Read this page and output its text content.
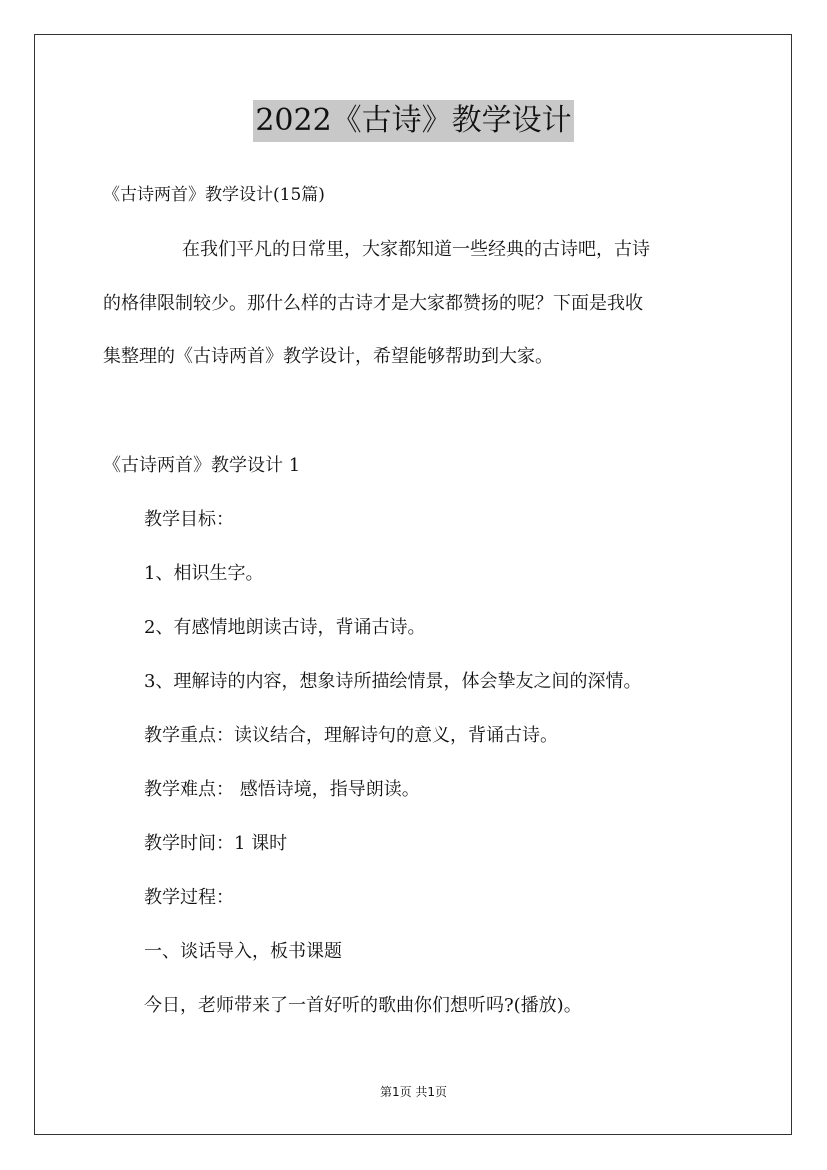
2022《古诗》教学设计
《古诗两首》教学设计(15篇)
在我们平凡的日常里，大家都知道一些经典的古诗吧，古诗
的格律限制较少。那什么样的古诗才是大家都赞扬的呢？下面是我收
集整理的《古诗两首》教学设计，希望能够帮助到大家。
《古诗两首》教学设计 1
教学目标：
1、相识生字。
2、有感情地朗读古诗，背诵古诗。
3、理解诗的内容，想象诗所描绘情景，体会挚友之间的深情。
教学重点：读议结合，理解诗句的意义，背诵古诗。
教学难点： 感悟诗境，指导朗读。
教学时间：1 课时
教学过程：
一、谈话导入，板书课题
今日，老师带来了一首好听的歌曲你们想听吗?(播放)。
第1页 共1页
